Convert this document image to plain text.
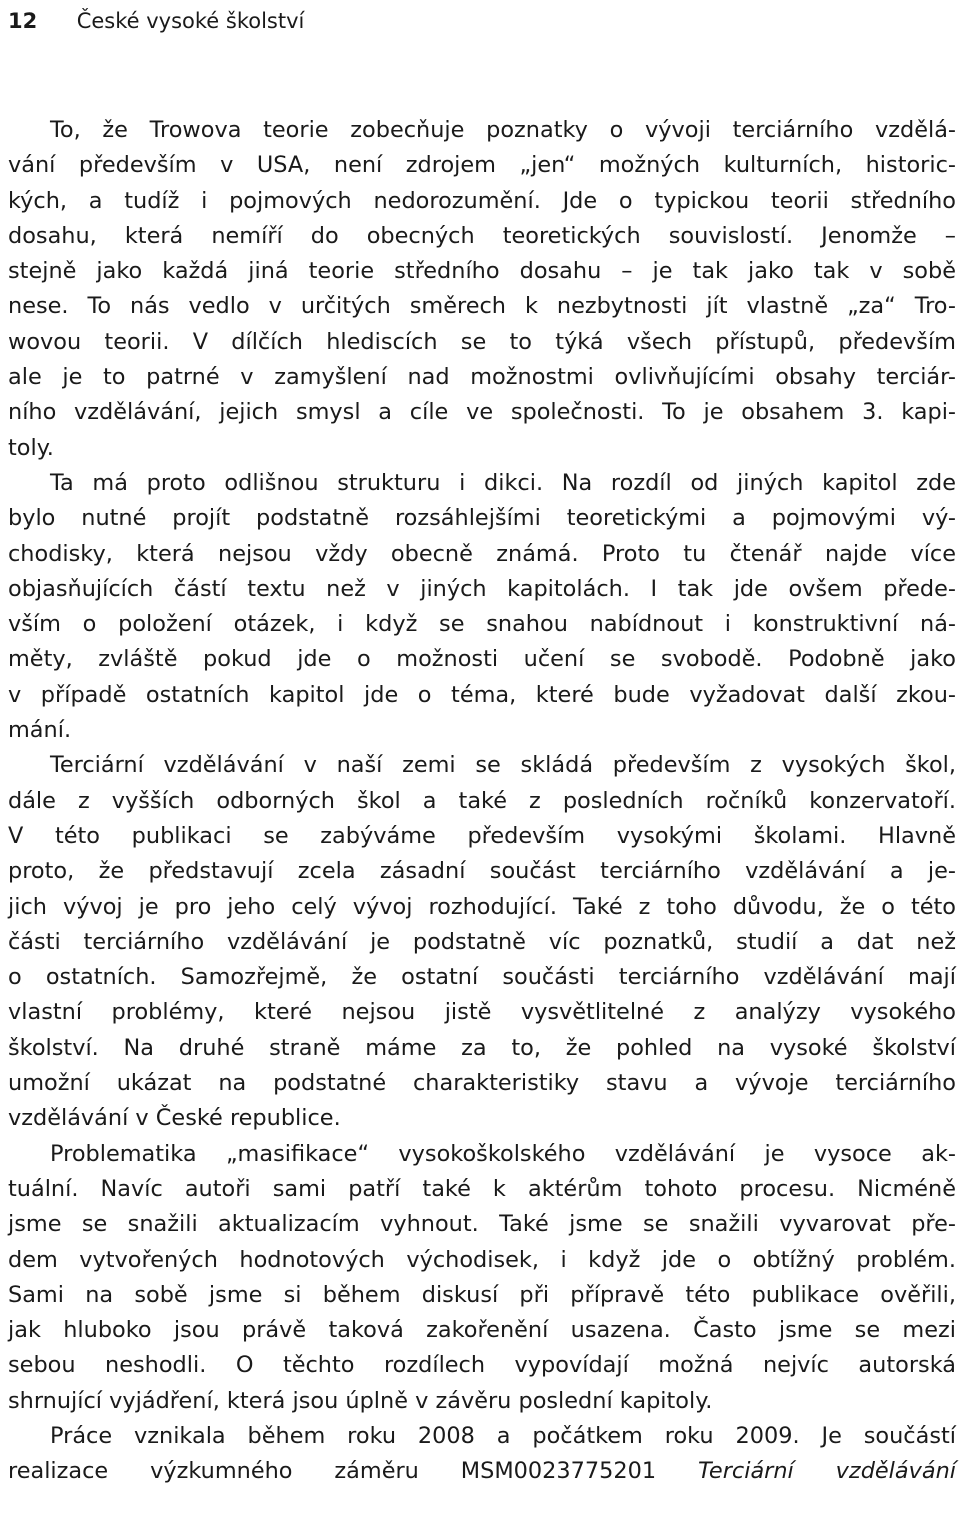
12 České vysoké školství
To, že Trowova teorie zobecňuje poznatky o vývoji terciárního vzdělá-
vání především v USA, není zdrojem „jen“ možných kulturních, historic-
kých, a tudíž i pojmových nedorozumění. Jde o typickou teorii středního
dosahu, která nemíří do obecných teoretických souvislostí. Jenomže –
stejně jako každá jiná teorie středního dosahu – je tak jako tak v sobě
nese. To nás vedlo v určitých směrech k nezbytnosti jít vlastně „za“ Tro-
wovou teorii. V dílčích hlediscích se to týká všech přístupů, především
ale je to patrné v zamyšlení nad možnostmi ovlivňujícími obsahy terciár-
ního vzdělávání, jejich smysl a cíle ve společnosti. To je obsahem 3. kapi-
toly.
Ta má proto odlišnou strukturu i dikci. Na rozdíl od jiných kapitol zde
bylo nutné projít podstatně rozsáhlejšími teoretickými a pojmovými vý-
chodisky, která nejsou vždy obecně známá. Proto tu čtenář najde více
objasňujících částí textu než v jiných kapitolách. I tak jde ovšem přede-
vším o položení otázek, i když se snahou nabídnout i konstruktivní ná-
měty, zvláště pokud jde o možnosti učení se svobodě. Podobně jako
v případě ostatních kapitol jde o téma, které bude vyžadovat další zkou-
mání.
Terciární vzdělávání v naší zemi se skládá především z vysokých škol,
dále z vyšších odborných škol a také z posledních ročníků konzervatoří.
V této publikaci se zabýváme především vysokými školami. Hlavně
proto, že představují zcela zásadní součást terciárního vzdělávání a je-
jich vývoj je pro jeho celý vývoj rozhodující. Také z toho důvodu, že o této
části terciárního vzdělávání je podstatně víc poznatků, studií a dat než
o ostatních. Samozřejmě, že ostatní součásti terciárního vzdělávání mají
vlastní problémy, které nejsou jistě vysvětlitelné z analýzy vysokého
školství. Na druhé straně máme za to, že pohled na vysoké školství
umožní ukázat na podstatné charakteristiky stavu a vývoje terciárního
vzdělávání v České republice.
Problematika „masifikace“ vysokoškolského vzdělávání je vysoce ak-
tuální. Navíc autoři sami patří také k aktérům tohoto procesu. Nicméně
jsme se snažili aktualizacím vyhnout. Také jsme se snažili vyvarovat pře-
dem vytvořených hodnotových východisek, i když jde o obtížný problém.
Sami na sobě jsme si během diskusí při přípravě této publikace ověřili,
jak hluboko jsou právě taková zakořenění usazena. Často jsme se mezi
sebou neshodli. O těchto rozdílech vypovídají možná nejvíc autorská
shrnující vyjádření, která jsou úplně v závěru poslední kapitoly.
Práce vznikala během roku 2008 a počátkem roku 2009. Je součástí
realizace výzkumného záměru MSM0023775201 Terciární vzdělávání
